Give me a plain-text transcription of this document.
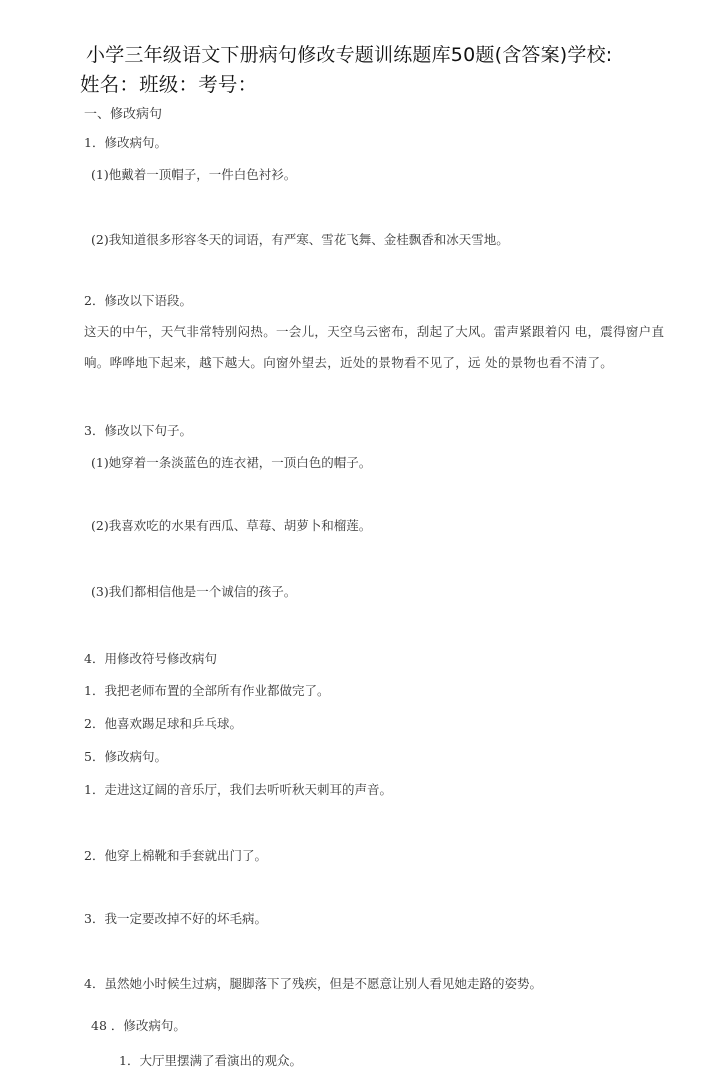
小学三年级语文下册病句修改专题训练题库50题(含答案)学校:
姓名：班级：考号：
一、修改病句
1．修改病句。
(1)他戴着一顶帽子，一件白色衬衫。
(2)我知道很多形容冬天的词语，有严寒、雪花飞舞、金桂飘香和冰天雪地。
2．修改以下语段。
这天的中午，天气非常特别闷热。一会儿，天空乌云密布，刮起了大风。雷声紧跟着闪 电，震得窗户直
响。哗哗地下起来，越下越大。向窗外望去，近处的景物看不见了，远 处的景物也看不清了。
3．修改以下句子。
(1)她穿着一条淡蓝色的连衣裙，一顶白色的帽子。
(2)我喜欢吃的水果有西瓜、草莓、胡萝卜和榴莲。
(3)我们都相信他是一个诚信的孩子。
4．用修改符号修改病句
1．我把老师布置的全部所有作业都做完了。
2．他喜欢踢足球和乒乓球。
5．修改病句。
1．走进这辽阔的音乐厅，我们去听听秋天刺耳的声音。
2．他穿上棉靴和手套就出门了。
3．我一定要改掉不好的坏毛病。
4．虽然她小时候生过病，腿脚落下了残疾，但是不愿意让别人看见她走路的姿势。
48 ．修改病句。
1．大厅里摆满了看演出的观众。
